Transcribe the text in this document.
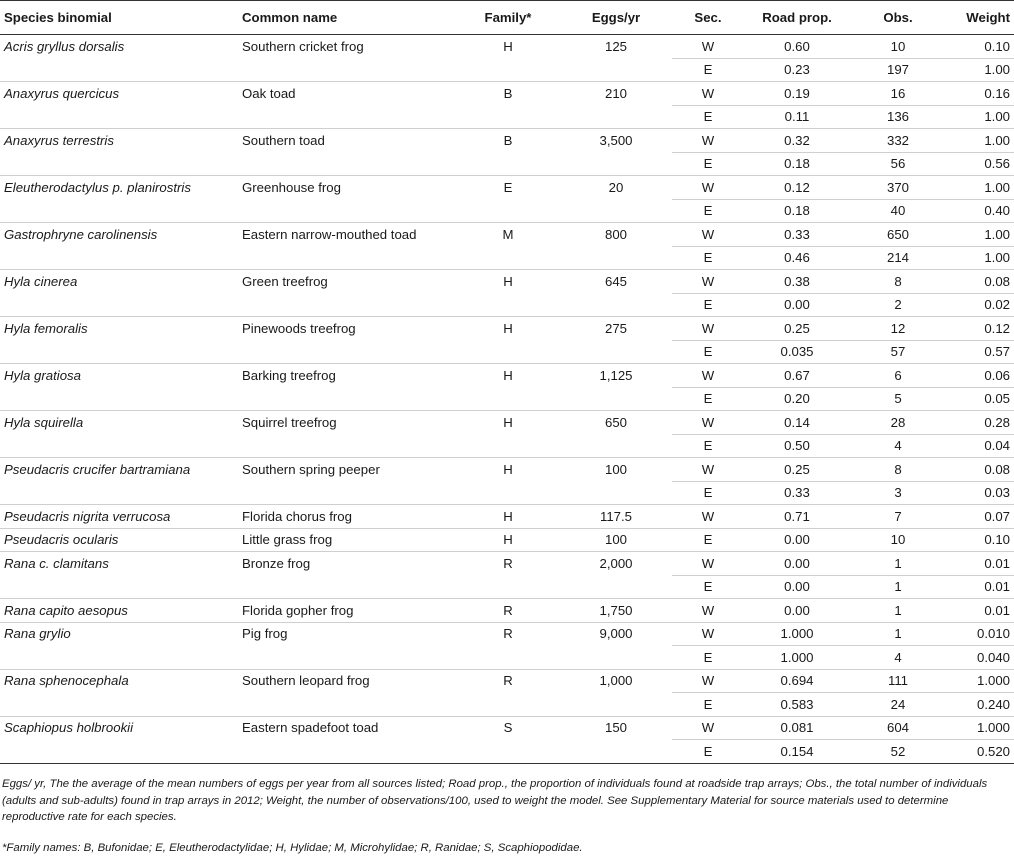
Species binomial	Common name	Family*	Eggs/yr	Sec.	Road prop.	Obs.	Weight
Acris gryllus dorsalis	Southern cricket frog	H	125	W	0.60	10	0.10
				E	0.23	197	1.00
Anaxyrus quercicus	Oak toad	B	210	W	0.19	16	0.16
				E	0.11	136	1.00
Anaxyrus terrestris	Southern toad	B	3,500	W	0.32	332	1.00
				E	0.18	56	0.56
Eleutherodactylus p. planirostris	Greenhouse frog	E	20	W	0.12	370	1.00
				E	0.18	40	0.40
Gastrophryne carolinensis	Eastern narrow-mouthed toad	M	800	W	0.33	650	1.00
				E	0.46	214	1.00
Hyla cinerea	Green treefrog	H	645	W	0.38	8	0.08
				E	0.00	2	0.02
Hyla femoralis	Pinewoods treefrog	H	275	W	0.25	12	0.12
				E	0.035	57	0.57
Hyla gratiosa	Barking treefrog	H	1,125	W	0.67	6	0.06
				E	0.20	5	0.05
Hyla squirella	Squirrel treefrog	H	650	W	0.14	28	0.28
				E	0.50	4	0.04
Pseudacris crucifer bartramiana	Southern spring peeper	H	100	W	0.25	8	0.08
				E	0.33	3	0.03
Pseudacris nigrita verrucosa	Florida chorus frog	H	117.5	W	0.71	7	0.07
Pseudacris ocularis	Little grass frog	H	100	E	0.00	10	0.10
Rana c. clamitans	Bronze frog	R	2,000	W	0.00	1	0.01
				E	0.00	1	0.01
Rana capito aesopus	Florida gopher frog	R	1,750	W	0.00	1	0.01
Rana grylio	Pig frog	R	9,000	W	1.000	1	0.010
				E	1.000	4	0.040
Rana sphenocephala	Southern leopard frog	R	1,000	W	0.694	111	1.000
				E	0.583	24	0.240
Scaphiopus holbrookii	Eastern spadefoot toad	S	150	W	0.081	604	1.000
				E	0.154	52	0.520
Eggs/ yr, The the average of the mean numbers of eggs per year from all sources listed; Road prop., the proportion of individuals found at roadside trap arrays; Obs., the total number of individuals (adults and sub-adults) found in trap arrays in 2012; Weight, the number of observations/100, used to weight the model. See Supplementary Material for source materials used to determine reproductive rate for each species.
*Family names: B, Bufonidae; E, Eleutherodactylidae; H, Hylidae; M, Microhylidae; R, Ranidae; S, Scaphiopodidae.
